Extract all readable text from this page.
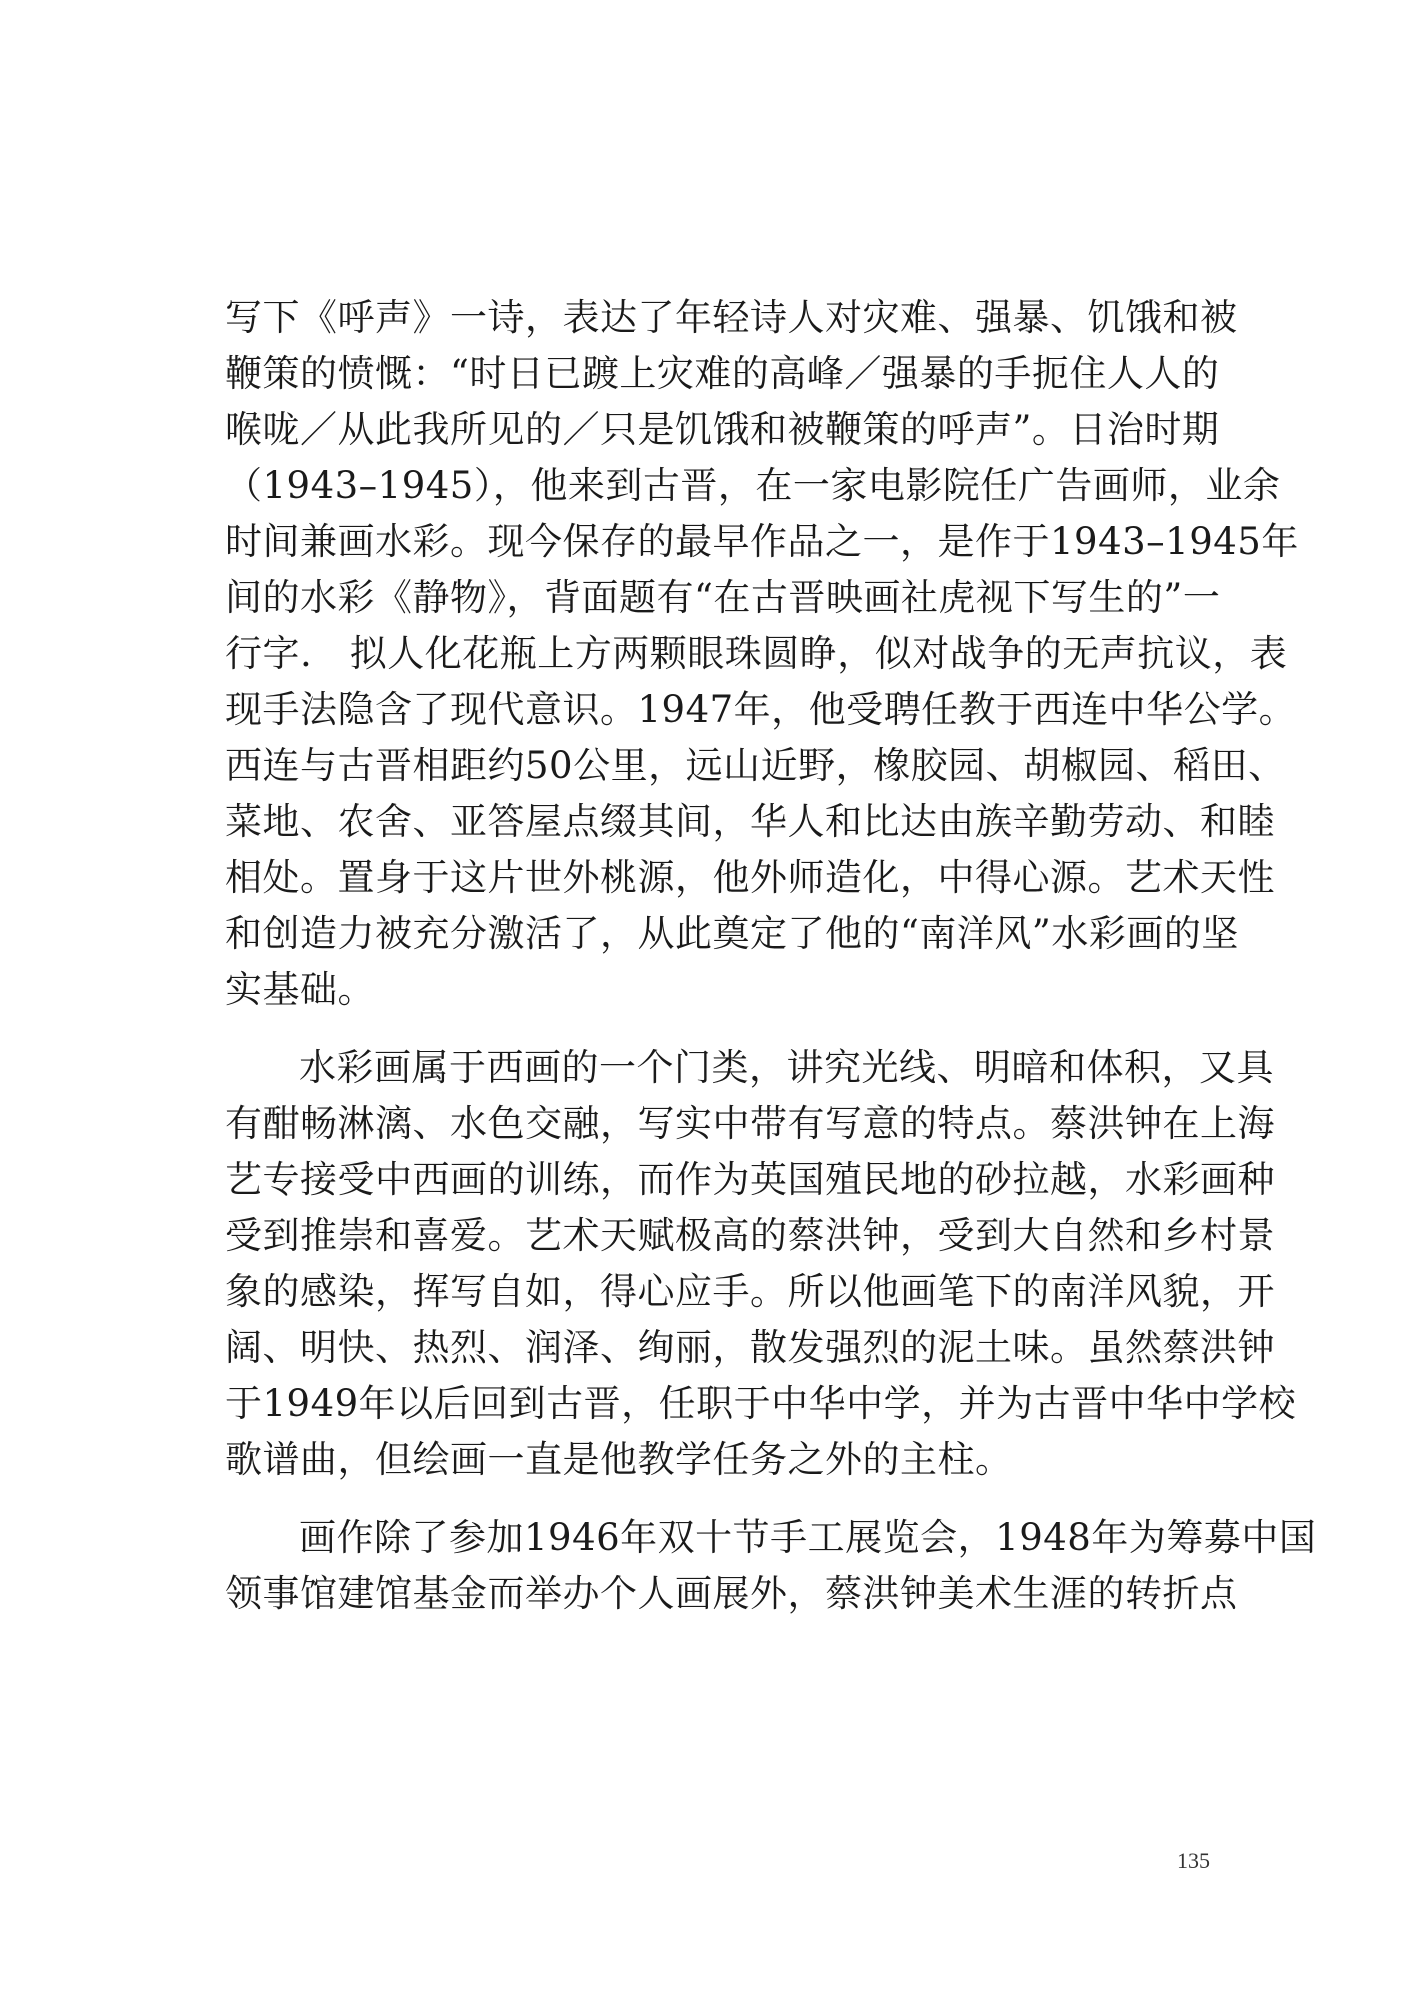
写下《呼声》一诗，表达了年轻诗人对灾难、强暴、饥饿和被
鞭策的愤慨：“时日已踱上灾难的高峰／强暴的手扼住人人的
喉咙／从此我所见的／只是饥饿和被鞭策的呼声”。日治时期
（1943–1945），他来到古晋，在一家电影院任广告画师，业余
时间兼画水彩。现今保存的最早作品之一，是作于1943–1945年
间的水彩《静物》，背面题有“在古晋映画社虎视下写生的”一
行字.　拟人化花瓶上方两颗眼珠圆睁，似对战争的无声抗议，表
现手法隐含了现代意识。1947年，他受聘任教于西连中华公学。
西连与古晋相距约50公里，远山近野，橡胶园、胡椒园、稻田、
菜地、农舍、亚答屋点缀其间，华人和比达由族辛勤劳动、和睦
相处。置身于这片世外桃源，他外师造化，中得心源。艺术天性
和创造力被充分激活了，从此奠定了他的“南洋风”水彩画的坚
实基础。
水彩画属于西画的一个门类，讲究光线、明暗和体积，又具
有酣畅淋漓、水色交融，写实中带有写意的特点。蔡洪钟在上海
艺专接受中西画的训练，而作为英国殖民地的砂拉越，水彩画种
受到推崇和喜爱。艺术天赋极高的蔡洪钟，受到大自然和乡村景
象的感染，挥写自如，得心应手。所以他画笔下的南洋风貌，开
阔、明快、热烈、润泽、绚丽，散发强烈的泥土味。虽然蔡洪钟
于1949年以后回到古晋，任职于中华中学，并为古晋中华中学校
歌谱曲，但绘画一直是他教学任务之外的主柱。
画作除了参加1946年双十节手工展览会，1948年为筹募中国
领事馆建馆基金而举办个人画展外，蔡洪钟美术生涯的转折点
135
